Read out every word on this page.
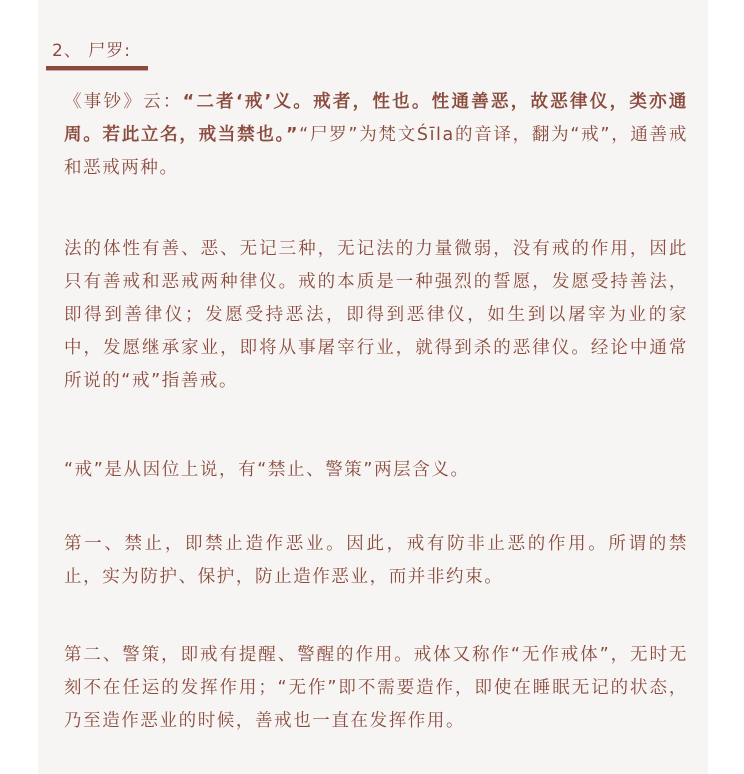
2、 尸罗:

《事钞》云：“二者‘戒’义。戒者，性也。性通善恶，故恶律仪，类亦通周。若此立名，戒当禁也。”“尸罗”为梵文Śīla的音译，翻为“戒”，通善戒和恶戒两种。

法的体性有善、恶、无记三种，无记法的力量微弱，没有戒的作用，因此只有善戒和恶戒两种律仪。戒的本质是一种强烈的誓愿，发愿受持善法，即得到善律仪；发愿受持恶法，即得到恶律仪，如生到以屠宰为业的家中，发愿继承家业，即将从事屠宰行业，就得到杀的恶律仪。经论中通常所说的“戒”指善戒。

“戒”是从因位上说，有“禁止、警策”两层含义。

第一、禁止，即禁止造作恶业。因此，戒有防非止恶的作用。所谓的禁止，实为防护、保护，防止造作恶业，而并非约束。

第二、警策，即戒有提醒、警醒的作用。戒体又称作“无作戒体”，无时无刻不在任运的发挥作用；“无作”即不需要造作，即使在睡眠无记的状态，乃至造作恶业的时候，善戒也一直在发挥作用。
